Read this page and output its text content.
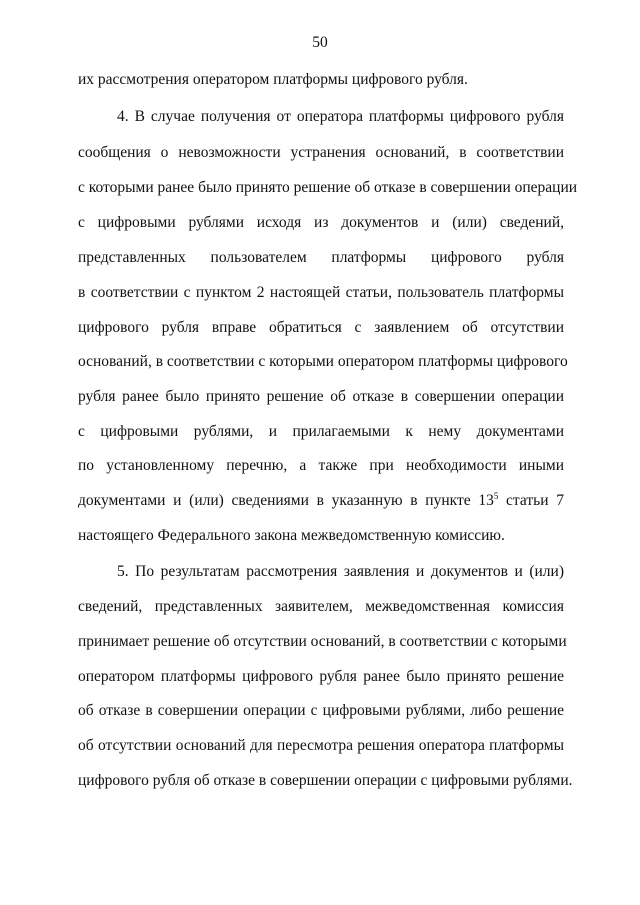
50
их рассмотрения оператором платформы цифрового рубля.
4. В случае получения от оператора платформы цифрового рубля
сообщения о невозможности устранения оснований, в соответствии
с которыми ранее было принято решение об отказе в совершении операции
с цифровыми рублями исходя из документов и (или) сведений,
представленных пользователем платформы цифрового рубля
в соответствии с пунктом 2 настоящей статьи, пользователь платформы
цифрового рубля вправе обратиться с заявлением об отсутствии
оснований, в соответствии с которыми оператором платформы цифрового
рубля ранее было принято решение об отказе в совершении операции
с цифровыми рублями, и прилагаемыми к нему документами
по установленному перечню, а также при необходимости иными
документами и (или) сведениями в указанную в пункте $13^5$ статьи 7
настоящего Федерального закона межведомственную комиссию.
5. По результатам рассмотрения заявления и документов и (или)
сведений, представленных заявителем, межведомственная комиссия
принимает решение об отсутствии оснований, в соответствии с которыми
оператором платформы цифрового рубля ранее было принято решение
об отказе в совершении операции с цифровыми рублями, либо решение
об отсутствии оснований для пересмотра решения оператора платформы
цифрового рубля об отказе в совершении операции с цифровыми рублями.
